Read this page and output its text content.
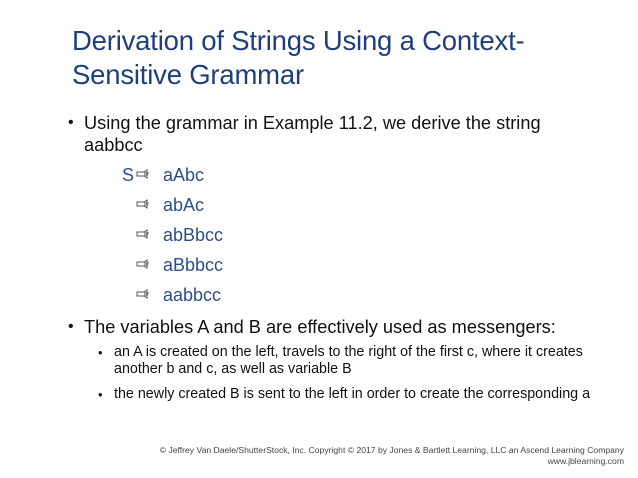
Derivation of Strings Using a Context-
Sensitive Grammar
• Using the grammar in Example 11.2, we derive the string aabbcc
S aAbc
abAc
abBbcc
aBbbcc
aabbcc
• The variables A and B are effectively used as messengers:
• an A is created on the left, travels to the right of the first c, where it creates another b and c, as well as variable B
• the newly created B is sent to the left in order to create the corresponding a
© Jeffrey Van Daele/ShutterStock, Inc. Copyright © 2017 by Jones & Bartlett Learning, LLC an Ascend Learning Company
www.jblearning.com
